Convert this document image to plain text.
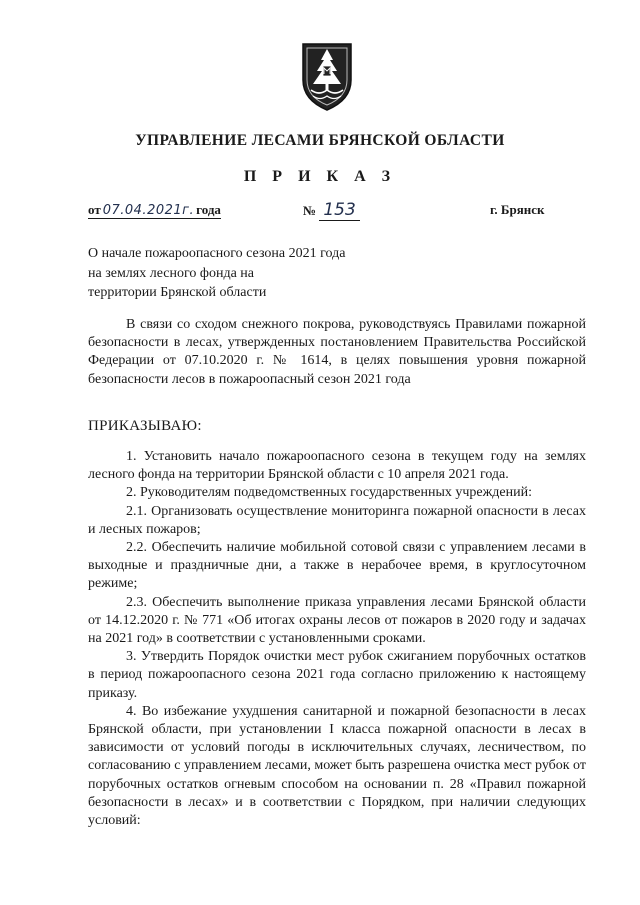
УПРАВЛЕНИЕ ЛЕСАМИ БРЯНСКОЙ ОБЛАСТИ
П Р И К А З
от 07.04.2021г. года	№ 153	г. Брянск
О начале пожароопасного сезона 2021 года
на землях лесного фонда на
территории Брянской области
В связи со сходом снежного покрова, руководствуясь Правилами пожарной безопасности в лесах, утвержденных постановлением Правительства Российской Федерации от 07.10.2020 г. № 1614, в целях повышения уровня пожарной безопасности лесов в пожароопасный сезон 2021 года
ПРИКАЗЫВАЮ:

1. Установить начало пожароопасного сезона в текущем году на землях лесного фонда на территории Брянской области с 10 апреля 2021 года.

2. Руководителям подведомственных государственных учреждений:

2.1. Организовать осуществление мониторинга пожарной опасности в лесах и лесных пожаров;

2.2. Обеспечить наличие мобильной сотовой связи с управлением лесами в выходные и праздничные дни, а также в нерабочее время, в круглосуточном режиме;

2.3. Обеспечить выполнение приказа управления лесами Брянской области от 14.12.2020 г. № 771 «Об итогах охраны лесов от пожаров в 2020 году и задачах на 2021 год» в соответствии с установленными сроками.

3. Утвердить Порядок очистки мест рубок сжиганием порубочных остатков в период пожароопасного сезона 2021 года согласно приложению к настоящему приказу.

4. Во избежание ухудшения санитарной и пожарной безопасности в лесах Брянской области, при установлении I класса пожарной опасности в лесах в зависимости от условий погоды в исключительных случаях, лесничеством, по согласованию с управлением лесами, может быть разрешена очистка мест рубок от порубочных остатков огневым способом на основании п. 28 «Правил пожарной безопасности в лесах» и в соответствии с Порядком, при наличии следующих условий:
